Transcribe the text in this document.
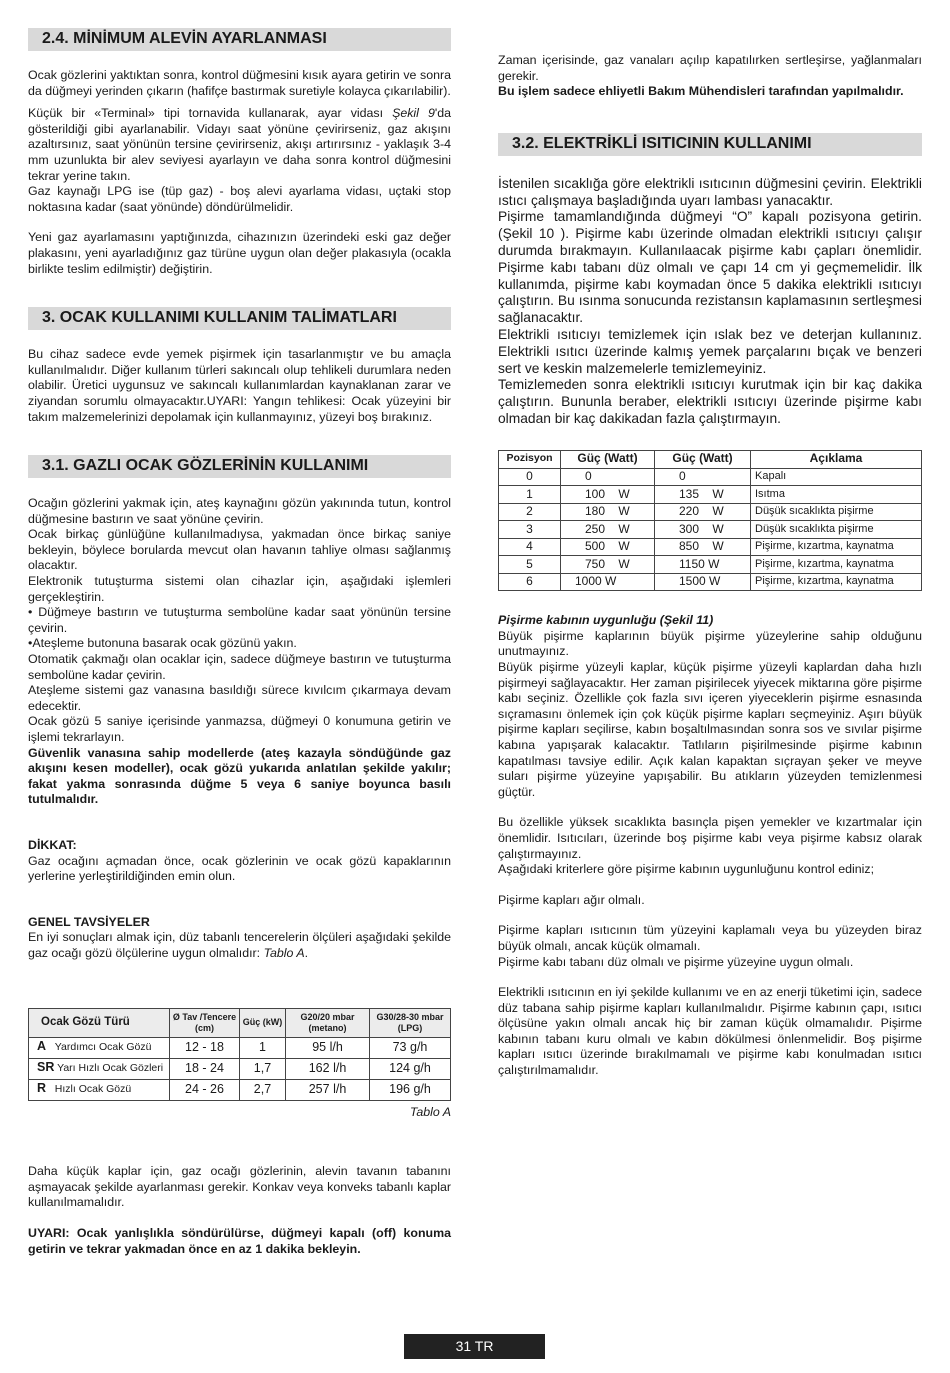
2.4. MİNİMUM ALEVİN AYARLANMASI

Ocak gözlerini yaktıktan sonra, kontrol düğmesini kısık ayara getirin ve sonra da düğmeyi yerinden çıkarın (hafifçe bastırmak suretiyle kolayca çıkarılabilir).

Küçük bir «Terminal» tipi tornavida kullanarak, ayar vidası Şekil 9'da gösterildiği gibi ayarlanabilir. Vidayı saat yönüne çevirirseniz, gaz akışını azaltırsınız, saat yönünün tersine çevirirseniz, akışı artırırsınız - yaklaşık 3-4 mm uzunlukta bir alev seviyesi ayarlayın ve daha sonra kontrol düğmesini tekrar yerine takın.

Gaz kaynağı LPG ise (tüp gaz) - boş alevi ayarlama vidası, uçtaki stop noktasına kadar (saat yönünde) döndürülmelidir.

Yeni gaz ayarlamasını yaptığınızda, cihazınızın üzerindeki eski gaz değer plakasını, yeni ayarladığınız gaz türüne uygun olan değer plakasıyla (ocakla birlikte teslim edilmiştir) değiştirin.

3. OCAK KULLANIMI KULLANIM TALİMATLARI

Bu cihaz sadece evde yemek pişirmek için tasarlanmıştır ve bu amaçla kullanılmalıdır. Diğer kullanım türleri sakıncalı olup tehlikeli durumlara neden olabilir. Üretici uygunsuz ve sakıncalı kullanımlardan kaynaklanan zarar ve ziyandan sorumlu olmayacaktır.UYARI: Yangın tehlikesi: Ocak yüzeyini bir takım malzemelerinizi depolamak için kullanmayınız, yüzeyi boş bırakınız.

3.1. GAZLI OCAK GÖZLERİNİN KULLANIMI

Ocağın gözlerini yakmak için, ateş kaynağını gözün yakınında tutun, kontrol düğmesine bastırın ve saat yönüne çevirin.

Ocak birkaç günlüğüne kullanılmadıysa, yakmadan önce birkaç saniye bekleyin, böylece borularda mevcut olan havanın tahliye olması sağlanmış olacaktır.

Elektronik tutuşturma sistemi olan cihazlar için, aşağıdaki işlemleri gerçekleştirin.

• Düğmeye bastırın ve tutuşturma sembolüne kadar saat yönünün tersine çevirin.

•Ateşleme butonuna basarak ocak gözünü yakın.

Otomatik çakmağı olan ocaklar için, sadece düğmeye bastırın ve tutuşturma sembolüne kadar çevirin.

Ateşleme sistemi gaz vanasına basıldığı sürece kıvılcım çıkarmaya devam edecektir.

Ocak gözü 5 saniye içerisinde yanmazsa, düğmeyi 0 konumuna getirin ve işlemi tekrarlayın.

Güvenlik vanasına sahip modellerde (ateş kazayla söndüğünde gaz akışını kesen modeller), ocak gözü yukarıda anlatılan şekilde yakılır; fakat yakma sonrasında düğme 5 veya 6 saniye boyunca basılı tutulmalıdır.

DİKKAT:

Gaz ocağını açmadan önce, ocak gözlerinin ve ocak gözü kapaklarının yerlerine yerleştirildiğinden emin olun.

GENEL TAVSİYELER

En iyi sonuçları almak için, düz tabanlı tencerelerin ölçüleri aşağıdaki şekilde gaz ocağı gözü ölçülerine uygun olmalıdır: Tablo A.

Ocak Gözü Türü	Ø Tav /Tencere (cm)	Güç (kW)	G20/20 mbar (metano)	G30/28-30 mbar (LPG)
A Yardımcı Ocak Gözü	12 - 18	1	95 l/h	73 g/h
SR Yarı Hızlı Ocak Gözleri	18 - 24	1,7	162 l/h	124 g/h
R Hızlı Ocak Gözü	24 - 26	2,7	257 l/h	196 g/h

Tablo A

Daha küçük kaplar için, gaz ocağı gözlerinin, alevin tavanın tabanını aşmayacak şekilde ayarlanması gerekir. Konkav veya konveks tabanlı kaplar kullanılmamalıdır.

UYARI: Ocak yanlışlıkla söndürülürse, düğmeyi kapalı (off) konuma getirin ve tekrar yakmadan önce en az 1 dakika bekleyin.

Zaman içerisinde, gaz vanaları açılıp kapatılırken sertleşirse, yağlanmaları gerekir.

Bu işlem sadece ehliyetli Bakım Mühendisleri tarafından yapılmalıdır.

3.2. ELEKTRİKLİ ISITICININ KULLANIMI

İstenilen sıcaklığa göre elektrikli ısıtıcının düğmesini çevirin. Elektrikli ıstıcı çalışmaya başladığında uyarı lambası yanacaktır.

Pişirme tamamlandığında düğmeyi “O” kapalı pozisyona getirin. (Şekil 10 ). Pişirme kabı üzerinde olmadan elektrikli ısıtıcıyı çalışır durumda bırakmayın. Kullanılaacak pişirme kabı çapları önemlidir. Pişirme kabı tabanı düz olmalı ve çapı 14 cm yi geçmemelidir. İlk kullanımda, pişirme kabı koymadan önce 5 dakika elektrikli ısıtıcıyı çalıştırın. Bu ısınma sonucunda rezistansın kaplamasının sertleşmesi sağlanacaktır.

Elektrikli ısıtıcıyı temizlemek için ıslak bez ve deterjan kullanınız. Elektrikli ısıtıcı üzerinde kalmış yemek parçalarını bıçak ve benzeri sert ve keskin malzemelerle temizlemeyiniz.

Temizlemeden sonra elektrikli ısıtıcıyı kurutmak için bir kaç dakika çalıştırın. Bununla beraber, elektrikli ısıtıcıyı üzerinde pişirme kabı olmadan bir kaç dakikadan fazla çalıştırmayın.

Pozisyon	Güç (Watt)	Güç (Watt)	Açıklama
0	0	0	Kapalı
1	100    W	135    W	Isıtma
2	180    W	220    W	Düşük sıcaklıkta pişirme
3	250    W	300    W	Düşük sıcaklıkta pişirme
4	500    W	850    W	Pişirme, kızartma, kaynatma
5	750    W	1150 W	Pişirme, kızartma, kaynatma
6	1000 W	1500 W	Pişirme, kızartma, kaynatma

Pişirme kabının uygunluğu (Şekil 11)

Büyük pişirme kaplarının büyük pişirme yüzeylerine sahip olduğunu unutmayınız.

Büyük pişirme yüzeyli kaplar, küçük pişirme yüzeyli kaplardan daha hızlı pişirmeyi sağlayacaktır. Her zaman pişirilecek yiyecek miktarına göre pişirme kabı seçiniz. Özellikle çok fazla sıvı içeren yiyeceklerin pişirme esnasında sıçramasını önlemek için çok küçük pişirme kapları seçmeyiniz. Aşırı büyük pişirme kapları seçilirse, kabın boşaltılmasından sonra sos ve sıvılar pişirme kabına yapışarak kalacaktır. Tatlıların pişirilmesinde pişirme kabının kapatılması tavsiye edilir. Açık kalan kapaktan sıçrayan şeker ve meyve suları pişirme yüzeyine yapışabilir. Bu atıkların yüzeyden temizlenmesi güçtür.

Bu özellikle yüksek sıcaklıkta basınçla pişen yemekler ve kızartmalar için önemlidir. Isıtıcıları, üzerinde boş pişirme kabı veya pişirme kabsız olarak çalıştırmayınız.

Aşağıdaki kriterlere göre pişirme kabının uygunluğunu kontrol ediniz;

Pişirme kapları ağır olmalı.

Pişirme kapları ısıtıcının tüm yüzeyini kaplamalı veya bu yüzeyden biraz büyük olmalı, ancak küçük olmamalı.

Pişirme kabı tabanı düz olmalı ve pişirme yüzeyine uygun olmalı.

Elektrikli ısıtıcının en iyi şekilde kullanımı ve en az enerji tüketimi için, sadece düz tabana sahip pişirme kapları kullanılmalıdır. Pişirme kabının çapı, ısıtıcı ölçüsüne yakın olmalı ancak hiç bir zaman küçük olmamalıdır. Pişirme kabının tabanı kuru olmalı ve kabın dökülmesi önlenmelidir. Boş pişirme kapları ısıtıcı üzerinde bırakılmamalı ve pişirme kabı konulmadan ısıtıcı çalıştırılmamalıdır.

31 TR
